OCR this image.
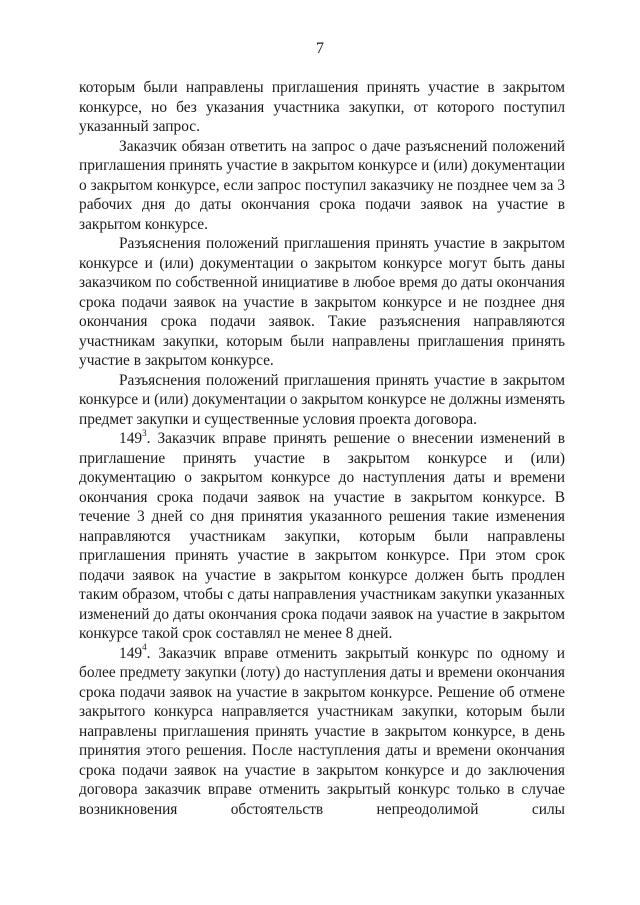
7

которым были направлены приглашения принять участие в закрытом конкурсе, но без указания участника закупки, от которого поступил указанный запрос.

Заказчик обязан ответить на запрос о даче разъяснений положений приглашения принять участие в закрытом конкурсе и (или) документации о закрытом конкурсе, если запрос поступил заказчику не позднее чем за 3 рабочих дня до даты окончания срока подачи заявок на участие в закрытом конкурсе.

Разъяснения положений приглашения принять участие в закрытом конкурсе и (или) документации о закрытом конкурсе могут быть даны заказчиком по собственной инициативе в любое время до даты окончания срока подачи заявок на участие в закрытом конкурсе и не позднее дня окончания срока подачи заявок. Такие разъяснения направляются участникам закупки, которым были направлены приглашения принять участие в закрытом конкурсе.

Разъяснения положений приглашения принять участие в закрытом конкурсе и (или) документации о закрытом конкурсе не должны изменять предмет закупки и существенные условия проекта договора.

$149^3$. Заказчик вправе принять решение о внесении изменений в приглашение принять участие в закрытом конкурсе и (или) документацию о закрытом конкурсе до наступления даты и времени окончания срока подачи заявок на участие в закрытом конкурсе. В течение 3 дней со дня принятия указанного решения такие изменения направляются участникам закупки, которым были направлены приглашения принять участие в закрытом конкурсе. При этом срок подачи заявок на участие в закрытом конкурсе должен быть продлен таким образом, чтобы с даты направления участникам закупки указанных изменений до даты окончания срока подачи заявок на участие в закрытом конкурсе такой срок составлял не менее 8 дней.

$149^4$. Заказчик вправе отменить закрытый конкурс по одному и более предмету закупки (лоту) до наступления даты и времени окончания срока подачи заявок на участие в закрытом конкурсе. Решение об отмене закрытого конкурса направляется участникам закупки, которым были направлены приглашения принять участие в закрытом конкурсе, в день принятия этого решения. После наступления даты и времени окончания срока подачи заявок на участие в закрытом конкурсе и до заключения договора заказчик вправе отменить закрытый конкурс только в случае возникновения обстоятельств непреодолимой силы
